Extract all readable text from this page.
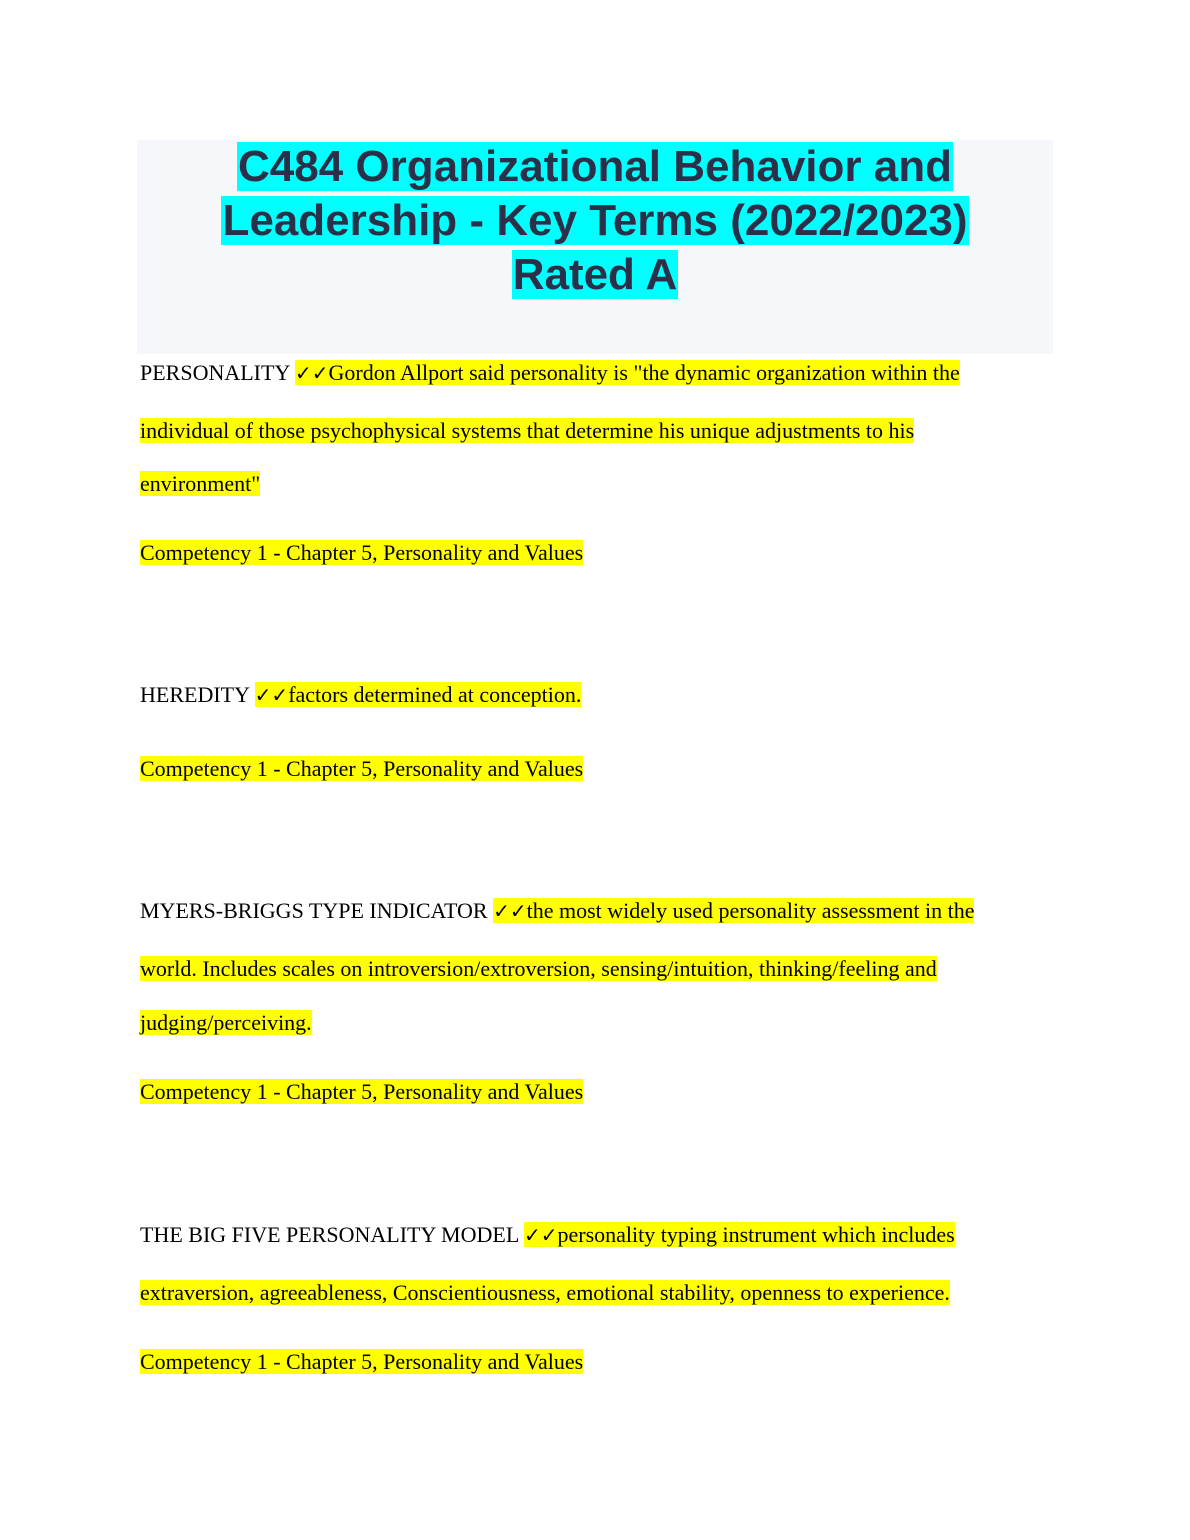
C484 Organizational Behavior and
Leadership - Key Terms (2022/2023)
Rated A
PERSONALITY ✓✓Gordon Allport said personality is "the dynamic organization within the
individual of those psychophysical systems that determine his unique adjustments to his
environment"
Competency 1 - Chapter 5, Personality and Values
HEREDITY ✓✓factors determined at conception.
Competency 1 - Chapter 5, Personality and Values
MYERS-BRIGGS TYPE INDICATOR ✓✓the most widely used personality assessment in the
world. Includes scales on introversion/extroversion, sensing/intuition, thinking/feeling and
judging/perceiving.
Competency 1 - Chapter 5, Personality and Values
THE BIG FIVE PERSONALITY MODEL ✓✓personality typing instrument which includes
extraversion, agreeableness, Conscientiousness, emotional stability, openness to experience.
Competency 1 - Chapter 5, Personality and Values
